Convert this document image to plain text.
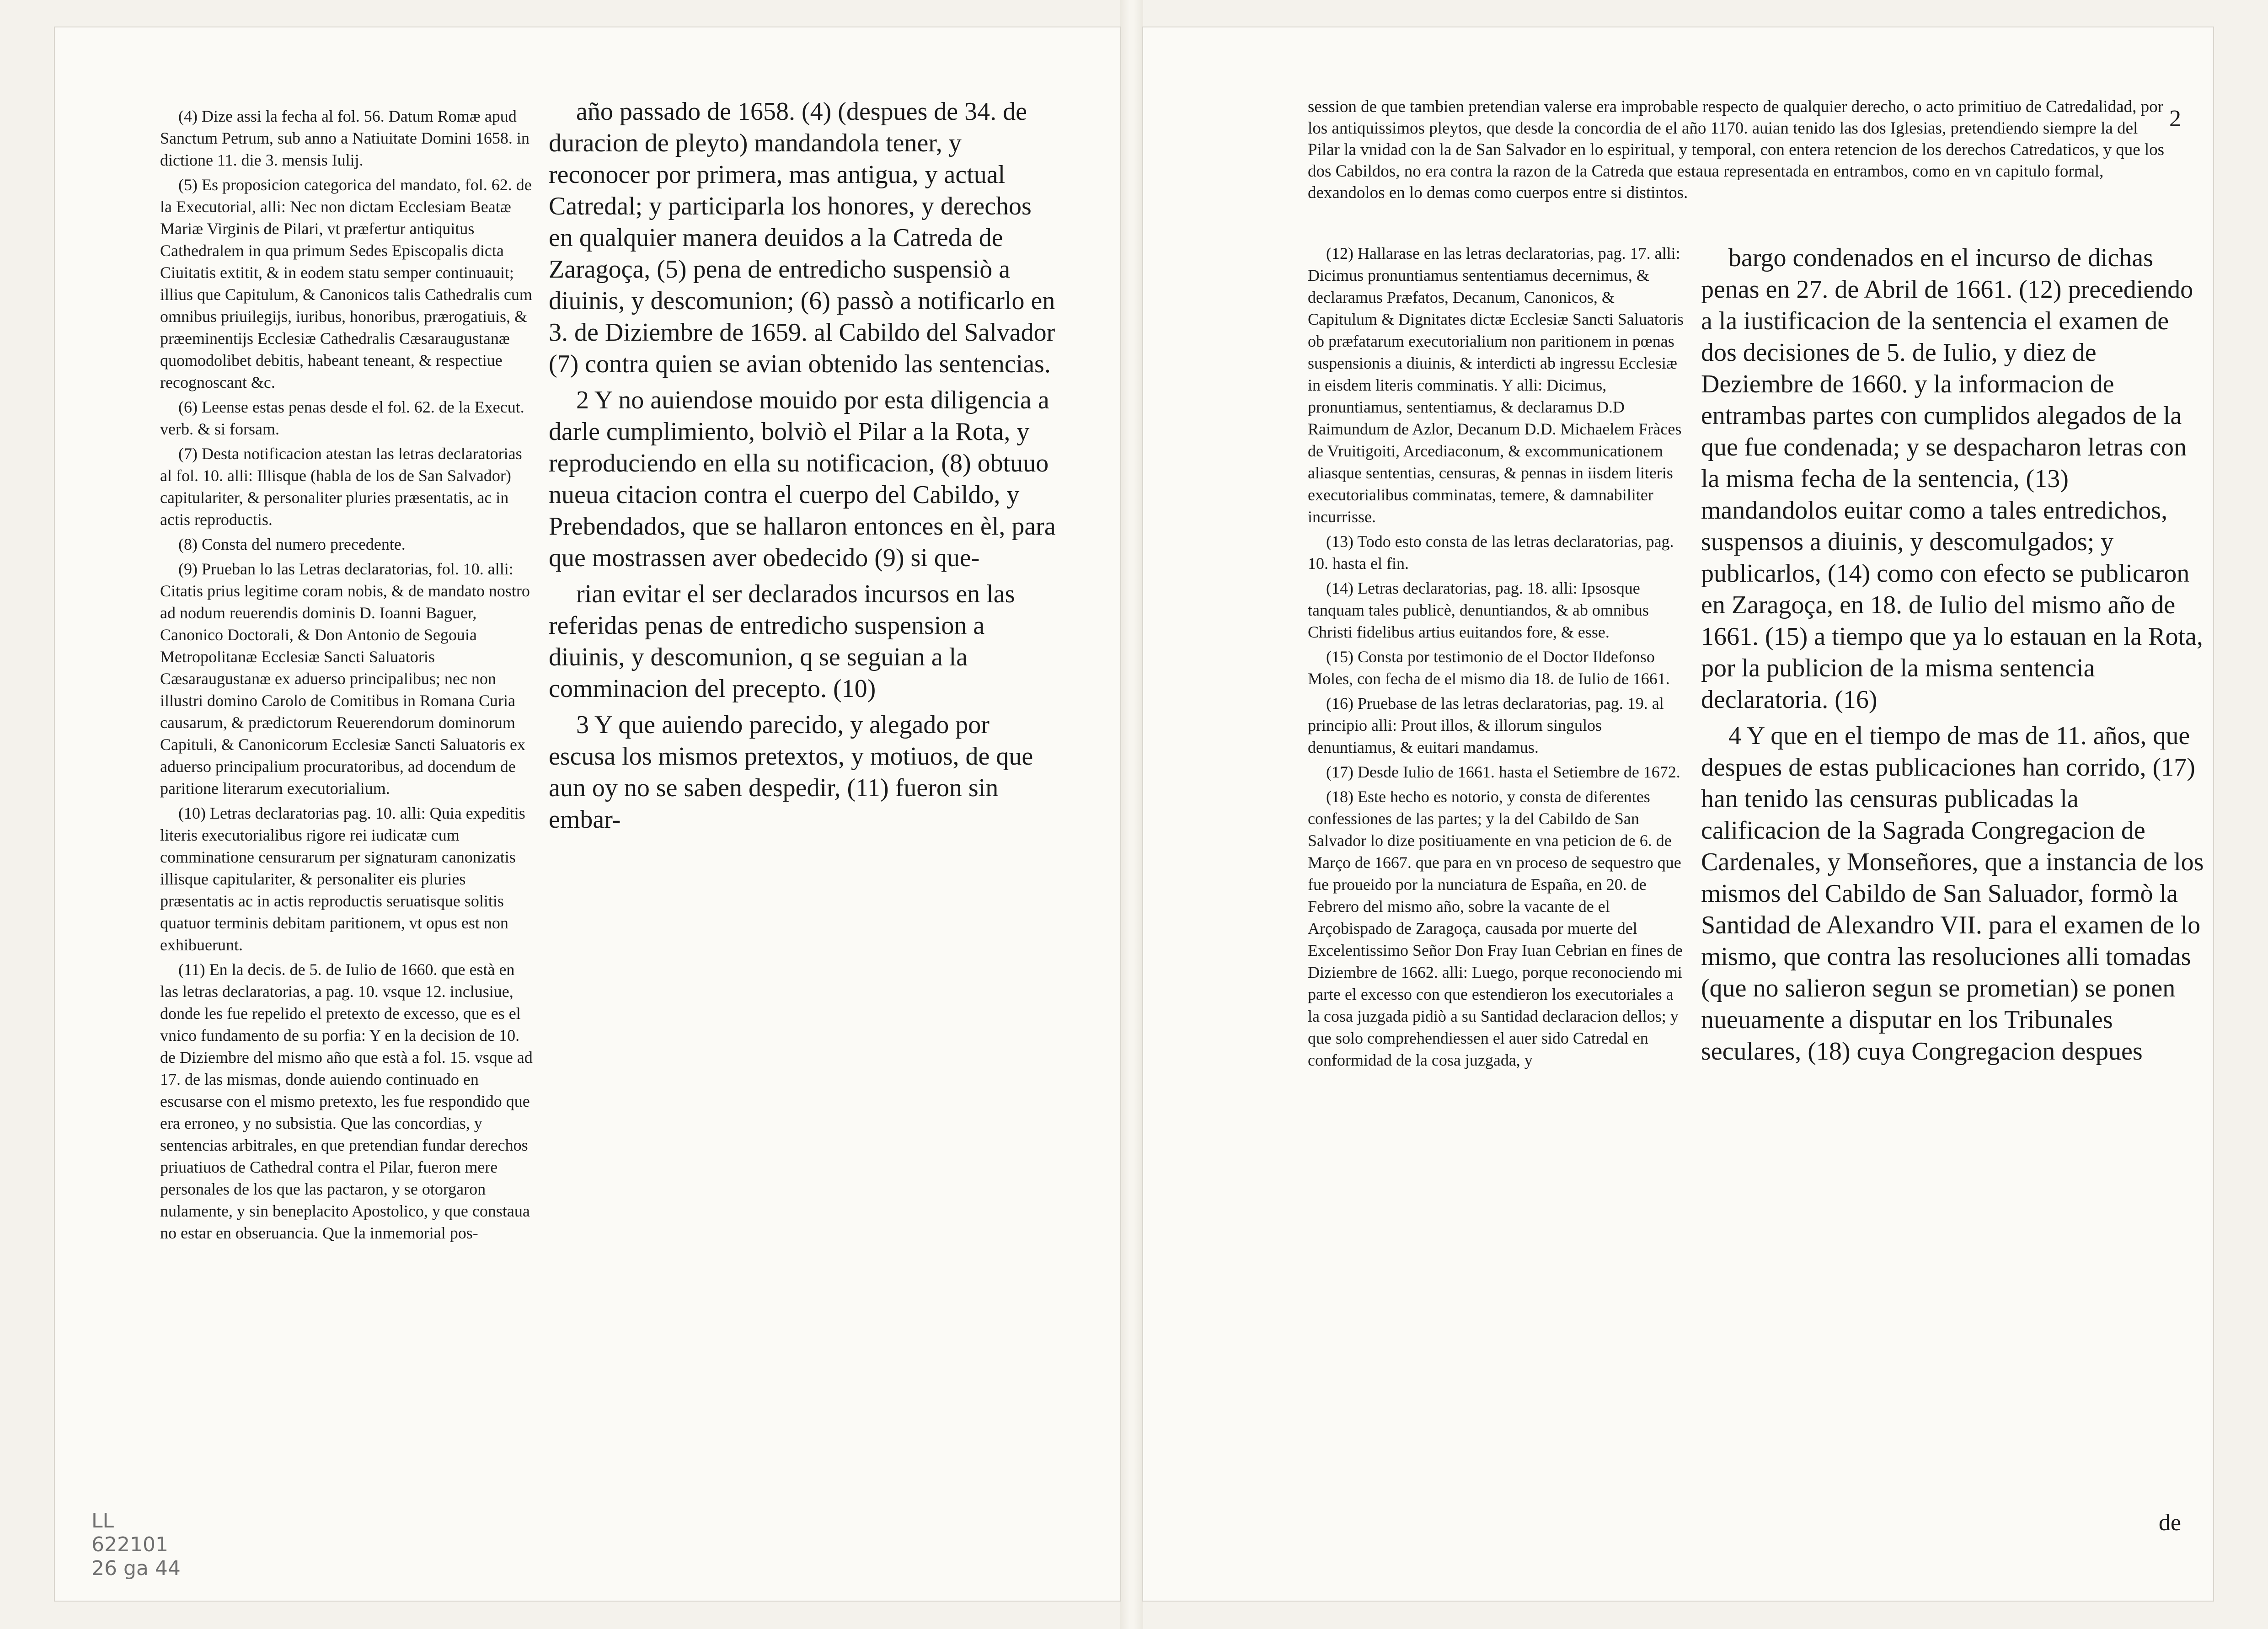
(4) Dize assi la fecha al fol. 56. Datum Romæ apud Sanctum Petrum, sub anno a Natiuitate Domini 1658. in dictione 11. die 3. mensis Iulij.

(5) Es proposicion categorica del mandato, fol. 62. de la Executorial, alli: Nec non dictam Ecclesiam Beatæ Mariæ Virginis de Pilari, vt præfertur antiquitus Cathedralem in qua primum Sedes Episcopalis dicta Ciuitatis extitit, & in eodem statu semper continuauit; illius que Capitulum, & Canonicos talis Cathedralis cum omnibus priuilegijs, iuribus, honoribus, prærogatiuis, & præeminentijs Ecclesiæ Cathedralis Cæsaraugustanæ quomodolibet debitis, habeant teneant, & respectiue recognoscant &c.

(6) Leense estas penas desde el fol. 62. de la Execut. verb. & si forsam.

(7) Desta notificacion atestan las letras declaratorias al fol. 10. alli: Illisque (habla de los de San Salvador) capitulariter, & personaliter pluries præsentatis, ac in actis reproductis.

(8) Consta del numero precedente.

(9) Prueban lo las Letras declaratorias, fol. 10. alli: Citatis prius legitime coram nobis, & de mandato nostro ad nodum reuerendis dominis D. Ioanni Baguer, Canonico Doctorali, & Don Antonio de Segouia Metropolitanæ Ecclesiæ Sancti Saluatoris Cæsaraugustanæ ex aduerso principalibus; nec non illustri domino Carolo de Comitibus in Romana Curia causarum, & prædictorum Reuerendorum dominorum Capituli, & Canonicorum Ecclesiæ Sancti Saluatoris ex aduerso principalium procuratoribus, ad docendum de paritione literarum executorialium.

(10) Letras declaratorias pag. 10. alli: Quia expeditis literis executorialibus rigore rei iudicatæ cum comminatione censurarum per signaturam canonizatis illisque capitulariter, & personaliter eis pluries præsentatis ac in actis reproductis seruatisque solitis quatuor terminis debitam paritionem, vt opus est non exhibuerunt.

(11) En la decis. de 5. de Iulio de 1660. que està en las letras declaratorias, a pag. 10. vsque 12. inclusiue, donde les fue repelido el pretexto de excesso, que es el vnico fundamento de su porfia: Y en la decision de 10. de Diziembre del mismo año que està a fol. 15. vsque ad 17. de las mismas, donde auiendo continuado en escusarse con el mismo pretexto, les fue respondido que era erroneo, y no subsistia. Que las concordias, y sentencias arbitrales, en que pretendian fundar derechos priuatiuos de Cathedral contra el Pilar, fueron mere personales de los que las pactaron, y se otorgaron nulamente, y sin beneplacito Apostolico, y que constaua no estar en obseruancia. Que la inmemorial pos-

año passado de 1658. (4) (despues de 34. de duracion de pleyto) mandandola tener, y reconocer por primera, mas antigua, y actual Catredal; y participarla los honores, y derechos en qualquier manera deuidos a la Catreda de Zaragoça, (5) pena de entredicho suspensiò a diuinis, y descomunion; (6) passò a notificarlo en 3. de Diziembre de 1659. al Cabildo del Salvador (7) contra quien se avian obtenido las sentencias.

2 Y no auiendose mouido por esta diligencia a darle cumplimiento, bolviò el Pilar a la Rota, y reproduciendo en ella su notificacion, (8) obtuuo nueua citacion contra el cuerpo del Cabildo, y Prebendados, que se hallaron entonces en èl, para que mostrassen aver obedecido (9) si que-

rian evitar el ser declarados incursos en las referidas penas de entredicho suspension a diuinis, y descomunion, q se seguian a la comminacion del precepto. (10)

3 Y que auiendo parecido, y alegado por escusa los mismos pretextos, y motiuos, de que aun oy no se saben despedir, (11) fueron sin embar-

2

session de que tambien pretendian valerse era improbable respecto de qualquier derecho, o acto primitiuo de Catredalidad, por los antiquissimos pleytos, que desde la concordia de el año 1170. auian tenido las dos Iglesias, pretendiendo siempre la del Pilar la vnidad con la de San Salvador en lo espiritual, y temporal, con entera retencion de los derechos Catredaticos, y que los dos Cabildos, no era contra la razon de la Catreda que estaua representada en entrambos, como en vn capitulo formal, dexandolos en lo demas como cuerpos entre si distintos.

(12) Hallarase en las letras declaratorias, pag. 17. alli: Dicimus pronuntiamus sententiamus decernimus, & declaramus Præfatos, Decanum, Canonicos, & Capitulum & Dignitates dictæ Ecclesiæ Sancti Saluatoris ob præfatarum executorialium non paritionem in pœnas suspensionis a diuinis, & interdicti ab ingressu Ecclesiæ in eisdem literis comminatis. Y alli: Dicimus, pronuntiamus, sententiamus, & declaramus D.D Raimundum de Azlor, Decanum D.D. Michaelem Fràces de Vruitigoiti, Arcediaconum, & excommunicationem aliasque sententias, censuras, & pennas in iisdem literis executorialibus comminatas, temere, & damnabiliter incurrisse.

(13) Todo esto consta de las letras declaratorias, pag. 10. hasta el fin.

(14) Letras declaratorias, pag. 18. alli: Ipsosque tanquam tales publicè, denuntiandos, & ab omnibus Christi fidelibus artius euitandos fore, & esse.

(15) Consta por testimonio de el Doctor Ildefonso Moles, con fecha de el mismo dia 18. de Iulio de 1661.

(16) Pruebase de las letras declaratorias, pag. 19. al principio alli: Prout illos, & illorum singulos denuntiamus, & euitari mandamus.

(17) Desde Iulio de 1661. hasta el Setiembre de 1672.

(18) Este hecho es notorio, y consta de diferentes confessiones de las partes; y la del Cabildo de San Salvador lo dize positiuamente en vna peticion de 6. de Março de 1667. que para en vn proceso de sequestro que fue proueido por la nunciatura de España, en 20. de Febrero del mismo año, sobre la vacante de el Arçobispado de Zaragoça, causada por muerte del Excelentissimo Señor Don Fray Iuan Cebrian en fines de Diziembre de 1662. alli: Luego, porque reconociendo mi parte el excesso con que estendieron los executoriales a la cosa juzgada pidiò a su Santidad declaracion dellos; y que solo comprehendiessen el auer sido Catredal en conformidad de la cosa juzgada, y

bargo condenados en el incurso de dichas penas en 27. de Abril de 1661. (12) precediendo a la iustificacion de la sentencia el examen de dos decisiones de 5. de Iulio, y diez de Deziembre de 1660. y la informacion de entrambas partes con cumplidos alegados de la que fue condenada; y se despacharon letras con la misma fecha de la sentencia, (13) mandandolos euitar como a tales entredichos, suspensos a diuinis, y descomulgados; y publicarlos, (14) como con efecto se publicaron en Zaragoça, en 18. de Iulio del mismo año de 1661. (15) a tiempo que ya lo estauan en la Rota, por la publicion de la misma sentencia declaratoria. (16)

4 Y que en el tiempo de mas de 11. años, que despues de estas publicaciones han corrido, (17) han tenido las censuras publicadas la calificacion de la Sagrada Congregacion de Cardenales, y Monseñores, que a instancia de los mismos del Cabildo de San Saluador, formò la Santidad de Alexandro VII. para el examen de lo mismo, que contra las resoluciones alli tomadas (que no salieron segun se prometian) se ponen nueuamente a disputar en los Tribunales seculares, (18) cuya Congregacion despues

de
LL
622101
26 ga 44
